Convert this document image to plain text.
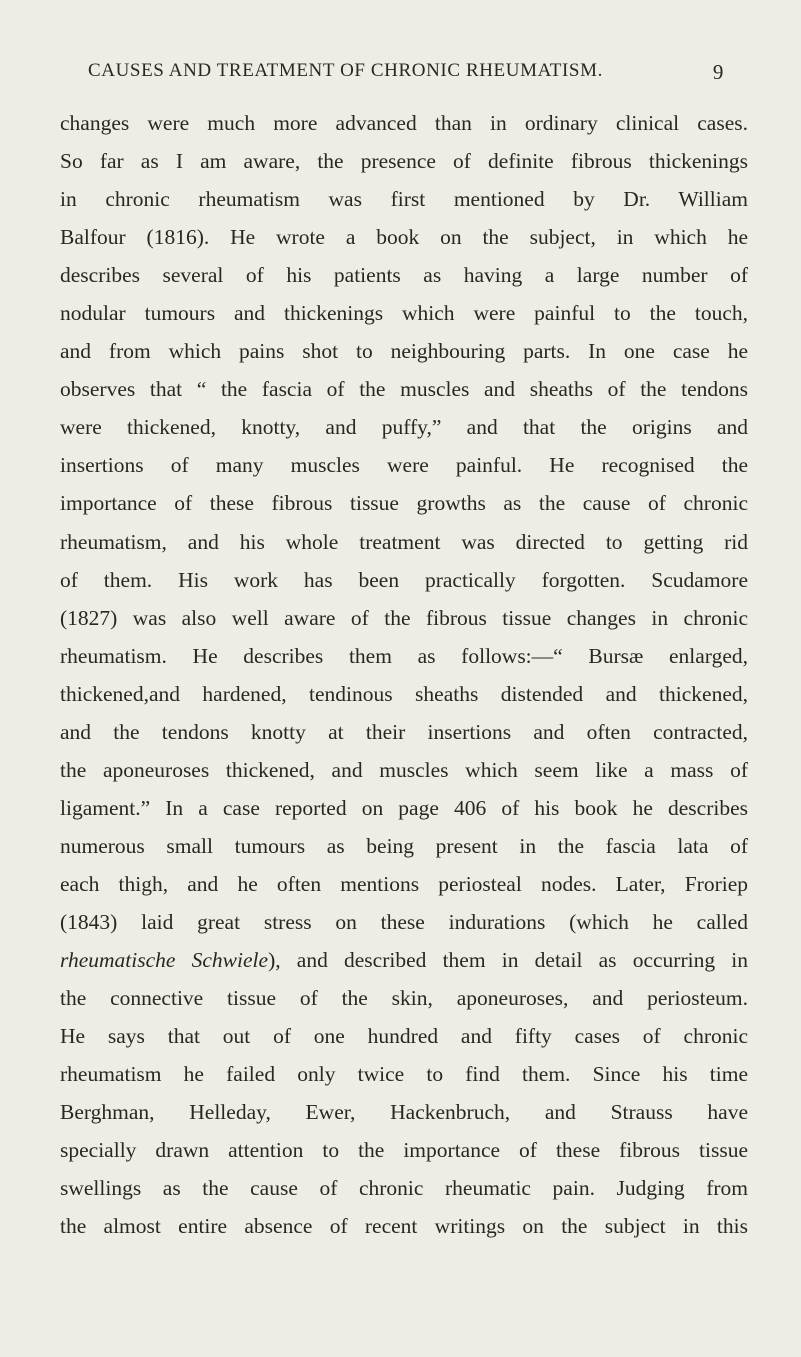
CAUSES AND TREATMENT OF CHRONIC RHEUMATISM.	9
changes were much more advanced than in ordinary clinical cases.
So far as I am aware, the presence of definite fibrous thickenings
in chronic rheumatism was first mentioned by Dr. William
Balfour (1816). He wrote a book on the subject, in which he
describes several of his patients as having a large number of
nodular tumours and thickenings which were painful to the touch,
and from which pains shot to neighbouring parts. In one case he
observes that “ the fascia of the muscles and sheaths of the tendons
were thickened, knotty, and puffy,” and that the origins and
insertions of many muscles were painful. He recognised the
importance of these fibrous tissue growths as the cause of chronic
rheumatism, and his whole treatment was directed to getting rid
of them. His work has been practically forgotten. Scudamore
(1827) was also well aware of the fibrous tissue changes in chronic
rheumatism. He describes them as follows:—“ Bursæ enlarged,
thickened,and hardened, tendinous sheaths distended and thickened,
and the tendons knotty at their insertions and often contracted,
the aponeuroses thickened, and muscles which seem like a mass of
ligament.” In a case reported on page 406 of his book he describes
numerous small tumours as being present in the fascia lata of
each thigh, and he often mentions periosteal nodes. Later, Froriep
(1843) laid great stress on these indurations (which he called
rheumatische Schwiele), and described them in detail as occurring in
the connective tissue of the skin, aponeuroses, and periosteum.
He says that out of one hundred and fifty cases of chronic
rheumatism he failed only twice to find them. Since his time
Berghman, Helleday, Ewer, Hackenbruch, and Strauss have
specially drawn attention to the importance of these fibrous tissue
swellings as the cause of chronic rheumatic pain. Judging from
the almost entire absence of recent writings on the subject in this
